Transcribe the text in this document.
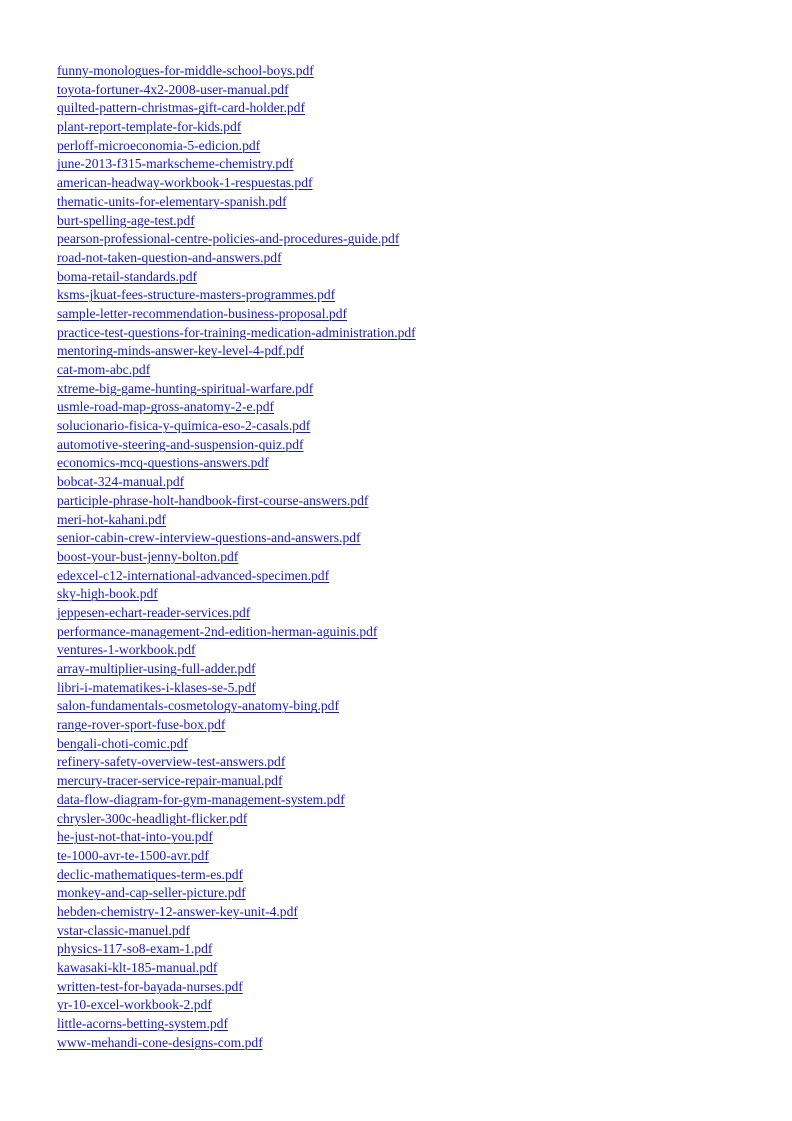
funny-monologues-for-middle-school-boys.pdf
toyota-fortuner-4x2-2008-user-manual.pdf
quilted-pattern-christmas-gift-card-holder.pdf
plant-report-template-for-kids.pdf
perloff-microeconomia-5-edicion.pdf
june-2013-f315-markscheme-chemistry.pdf
american-headway-workbook-1-respuestas.pdf
thematic-units-for-elementary-spanish.pdf
burt-spelling-age-test.pdf
pearson-professional-centre-policies-and-procedures-guide.pdf
road-not-taken-question-and-answers.pdf
boma-retail-standards.pdf
ksms-jkuat-fees-structure-masters-programmes.pdf
sample-letter-recommendation-business-proposal.pdf
practice-test-questions-for-training-medication-administration.pdf
mentoring-minds-answer-key-level-4-pdf.pdf
cat-mom-abc.pdf
xtreme-big-game-hunting-spiritual-warfare.pdf
usmle-road-map-gross-anatomy-2-e.pdf
solucionario-fisica-y-quimica-eso-2-casals.pdf
automotive-steering-and-suspension-quiz.pdf
economics-mcq-questions-answers.pdf
bobcat-324-manual.pdf
participle-phrase-holt-handbook-first-course-answers.pdf
meri-hot-kahani.pdf
senior-cabin-crew-interview-questions-and-answers.pdf
boost-your-bust-jenny-bolton.pdf
edexcel-c12-international-advanced-specimen.pdf
sky-high-book.pdf
jeppesen-echart-reader-services.pdf
performance-management-2nd-edition-herman-aguinis.pdf
ventures-1-workbook.pdf
array-multiplier-using-full-adder.pdf
libri-i-matematikes-i-klases-se-5.pdf
salon-fundamentals-cosmetology-anatomy-bing.pdf
range-rover-sport-fuse-box.pdf
bengali-choti-comic.pdf
refinery-safety-overview-test-answers.pdf
mercury-tracer-service-repair-manual.pdf
data-flow-diagram-for-gym-management-system.pdf
chrysler-300c-headlight-flicker.pdf
he-just-not-that-into-you.pdf
te-1000-avr-te-1500-avr.pdf
declic-mathematiques-term-es.pdf
monkey-and-cap-seller-picture.pdf
hebden-chemistry-12-answer-key-unit-4.pdf
vstar-classic-manuel.pdf
physics-117-so8-exam-1.pdf
kawasaki-klt-185-manual.pdf
written-test-for-bayada-nurses.pdf
yr-10-excel-workbook-2.pdf
little-acorns-betting-system.pdf
www-mehandi-cone-designs-com.pdf
